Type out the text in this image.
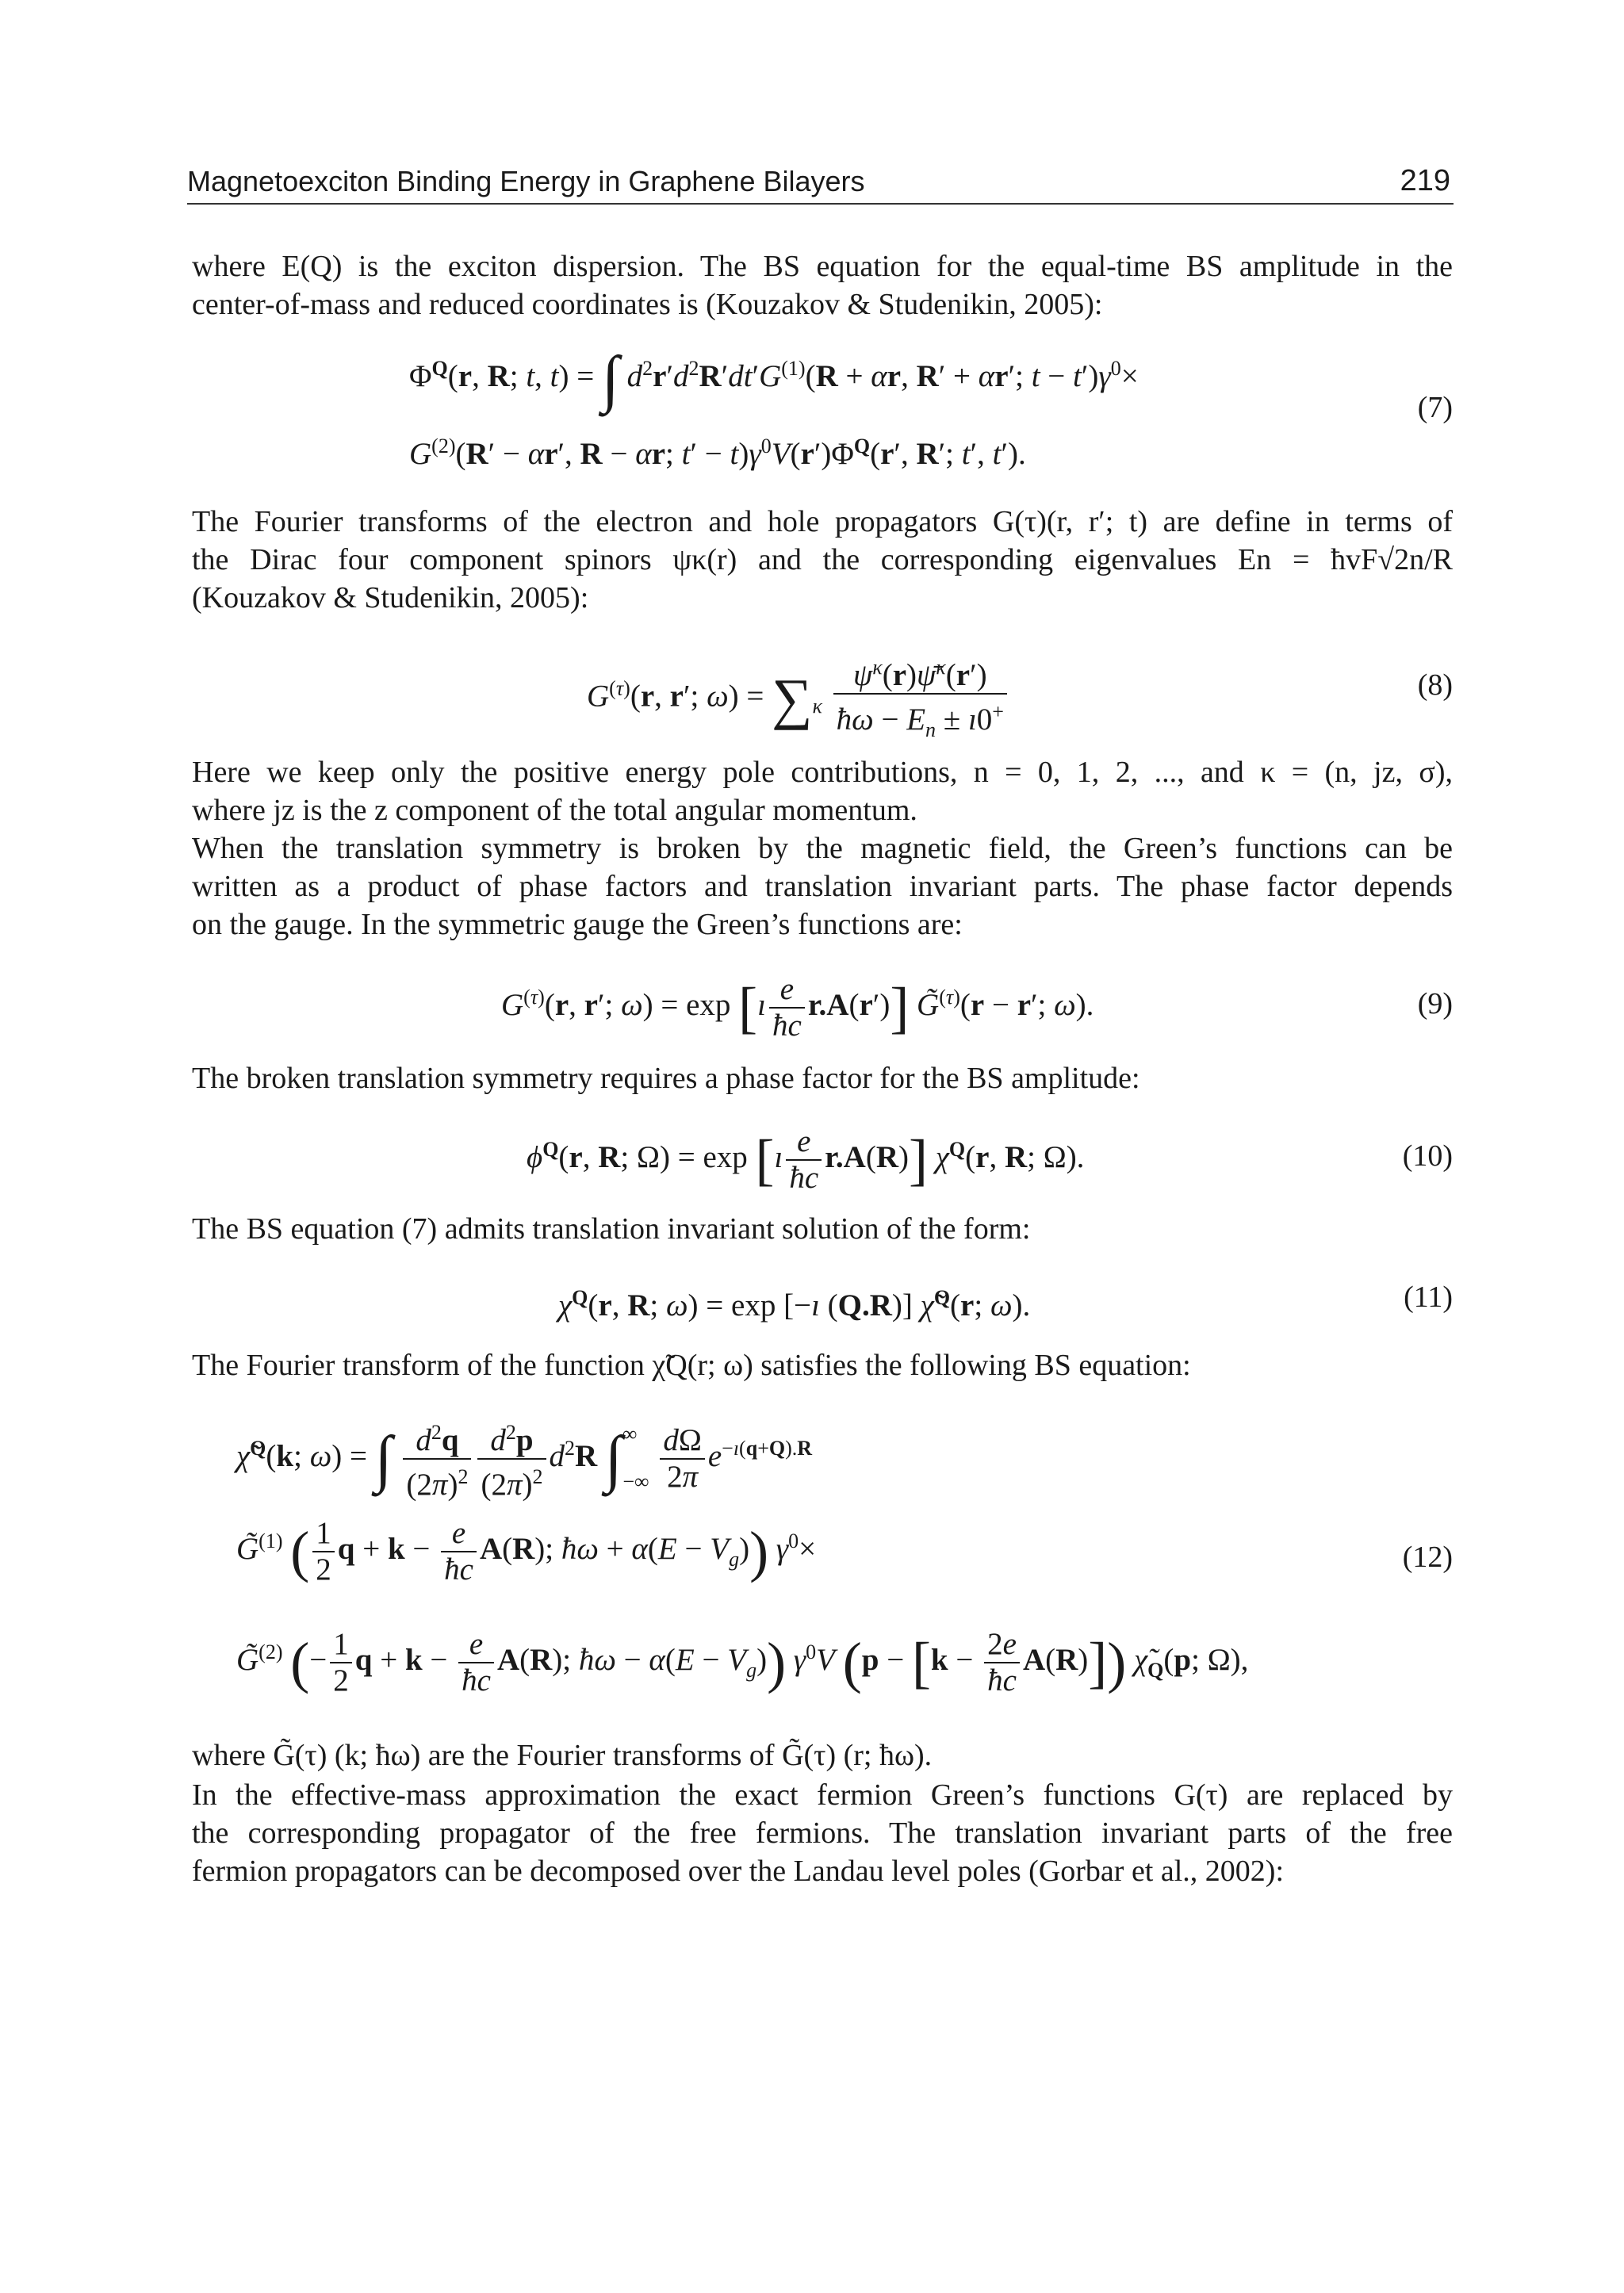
Magnetoexciton Binding Energy in Graphene Bilayers	219

where E(Q) is the exciton dispersion. The BS equation for the equal-time BS amplitude in the

center-of-mass and reduced coordinates is (Kouzakov & Studenikin, 2005):

$\Phi^Q(r$, R; t, t) = ∫ $d^2r'd^2R'dt'G^{(1)}(R + \alpha r$, R′ + αr′; $t - t')\gamma^0\times$
$G^{(2)}(R' - \alpha r'$, R − αr; $t' - t)\gamma^0V(r')\Phi^Q(r'$, R′; t′, t′).
(7)

The Fourier transforms of the electron and hole propagators G(τ)(r, r′; t) are define in terms of

the Dirac four component spinors ψκ(r) and the corresponding eigenvalues En = ħvF√2n/R

(Kouzakov & Studenikin, 2005):

$G^{(\tau)}(r$, r′; $\omega) = \sum_\kappa \frac{\psi^\kappa(r)\psī^\kappa(r')}{ħ\omega - E_n \pm ı0^+}$	(8)

Here we keep only the positive energy pole contributions, n = 0, 1, 2, ..., and κ = (n, jz, σ),

where jz is the z component of the total angular momentum.

When the translation symmetry is broken by the magnetic field, the Green’s functions can be

written as a product of phase factors and translation invariant parts. The phase factor depends

on the gauge. In the symmetric gauge the Green’s functions are:

$G^{(\tau)}(r$, r′; ω) = exp [ı $\frac{e}{ħc} r.A(r')$] G̃$^{(\tau)}$(r − r′; ω).	(9)

The broken translation symmetry requires a phase factor for the BS amplitude:

$\phi^Q(r$, R; Ω) = exp [ı $\frac{e}{ħc} r.A(R)$] $\chi^Q(r$, R; Ω).	(10)

The BS equation (7) admits translation invariant solution of the form:

$\chi^Q(r$, R; ω) = exp [−ı (Q.R)] χ̃$^Q$(r; ω).	(11)

The Fourier transform of the function χ̃Q(r; ω) satisfies the following BS equation:

χ̃$^Q$(k; ω) = ∫ $\frac{d^2q}{(2\pi)^2} \frac{d^2p}{(2\pi)^2} d^2R$ $\int^\infty_{-\infty} \frac{d\Omega}{2\pi} e^{-ı(q+Q).R}$
G̃$^{(1)}$ ( $\frac{1}{2}$ $q + k - \frac{e}{ħc} A(R)$; ħω + $\alpha(E - V_g)$) $\gamma^0\times$	(12)
G̃$^{(2)}$ (− $\frac{1}{2}$ $q + k - \frac{e}{ħc} A(R)$; ħω − $\alpha(E - V_g)$) $\gamma^0V$ $(p - [k - \frac{2e}{ħc} A(R)])$ $\chĩ_Q(p$; Ω),

where G̃(τ) (k; ħω) are the Fourier transforms of G̃(τ) (r; ħω).

In the effective-mass approximation the exact fermion Green’s functions G(τ) are replaced by

the corresponding propagator of the free fermions. The translation invariant parts of the free

fermion propagators can be decomposed over the Landau level poles (Gorbar et al., 2002):
